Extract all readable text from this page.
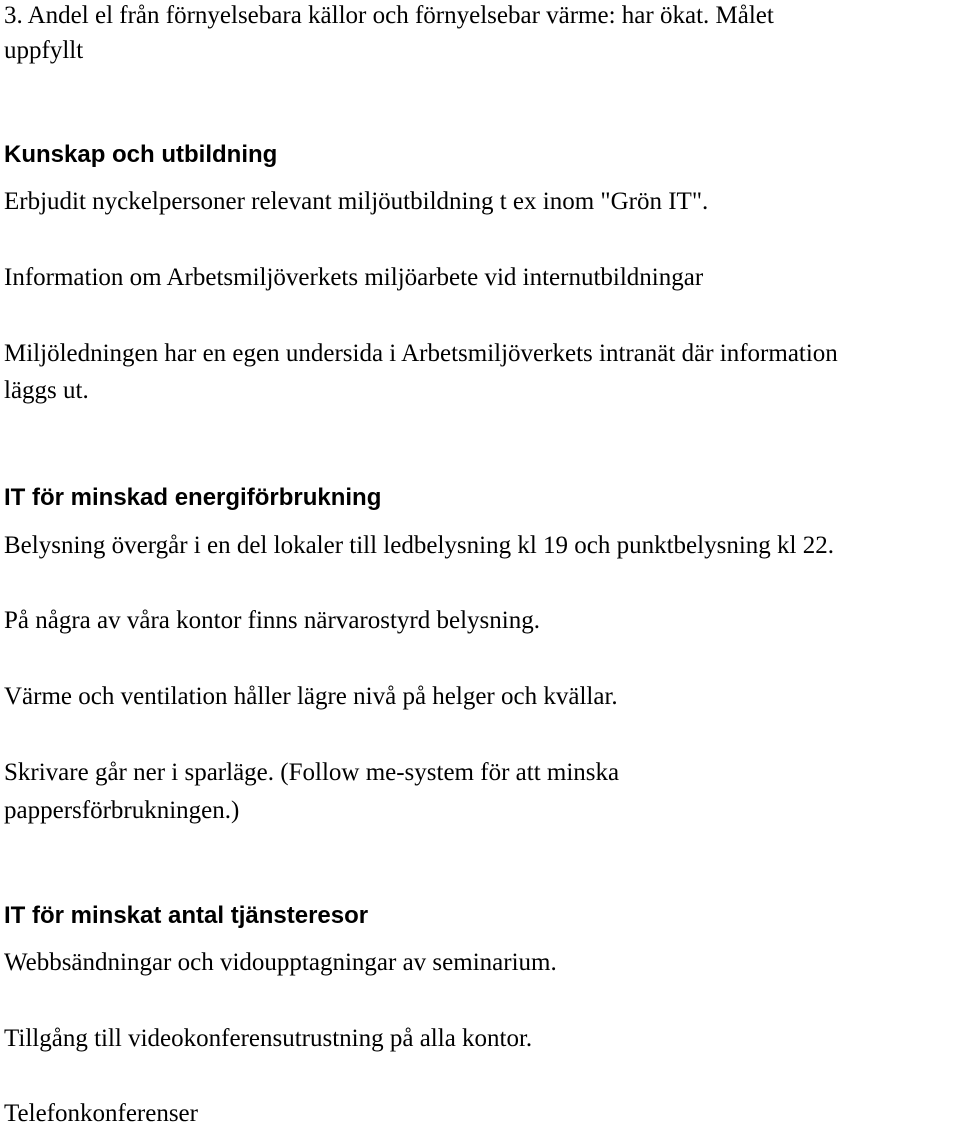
3. Andel el från förnyelsebara källor och förnyelsebar värme: har ökat. Målet

uppfyllt

Kunskap och utbildning

Erbjudit nyckelpersoner relevant miljöutbildning t ex inom "Grön IT".

Information om Arbetsmiljöverkets miljöarbete vid internutbildningar

Miljöledningen har en egen undersida i Arbetsmiljöverkets intranät där information

läggs ut.

IT för minskad energiförbrukning

Belysning övergår i en del lokaler till ledbelysning kl 19 och punktbelysning kl 22.

På några av våra kontor finns närvarostyrd belysning.

Värme och ventilation håller lägre nivå på helger och kvällar.

Skrivare går ner i sparläge. (Follow me-system för att minska

pappersförbrukningen.)

IT för minskat antal tjänsteresor

Webbsändningar och vidoupptagningar av seminarium.

Tillgång till videokonferensutrustning på alla kontor.

Telefonkonferenser
